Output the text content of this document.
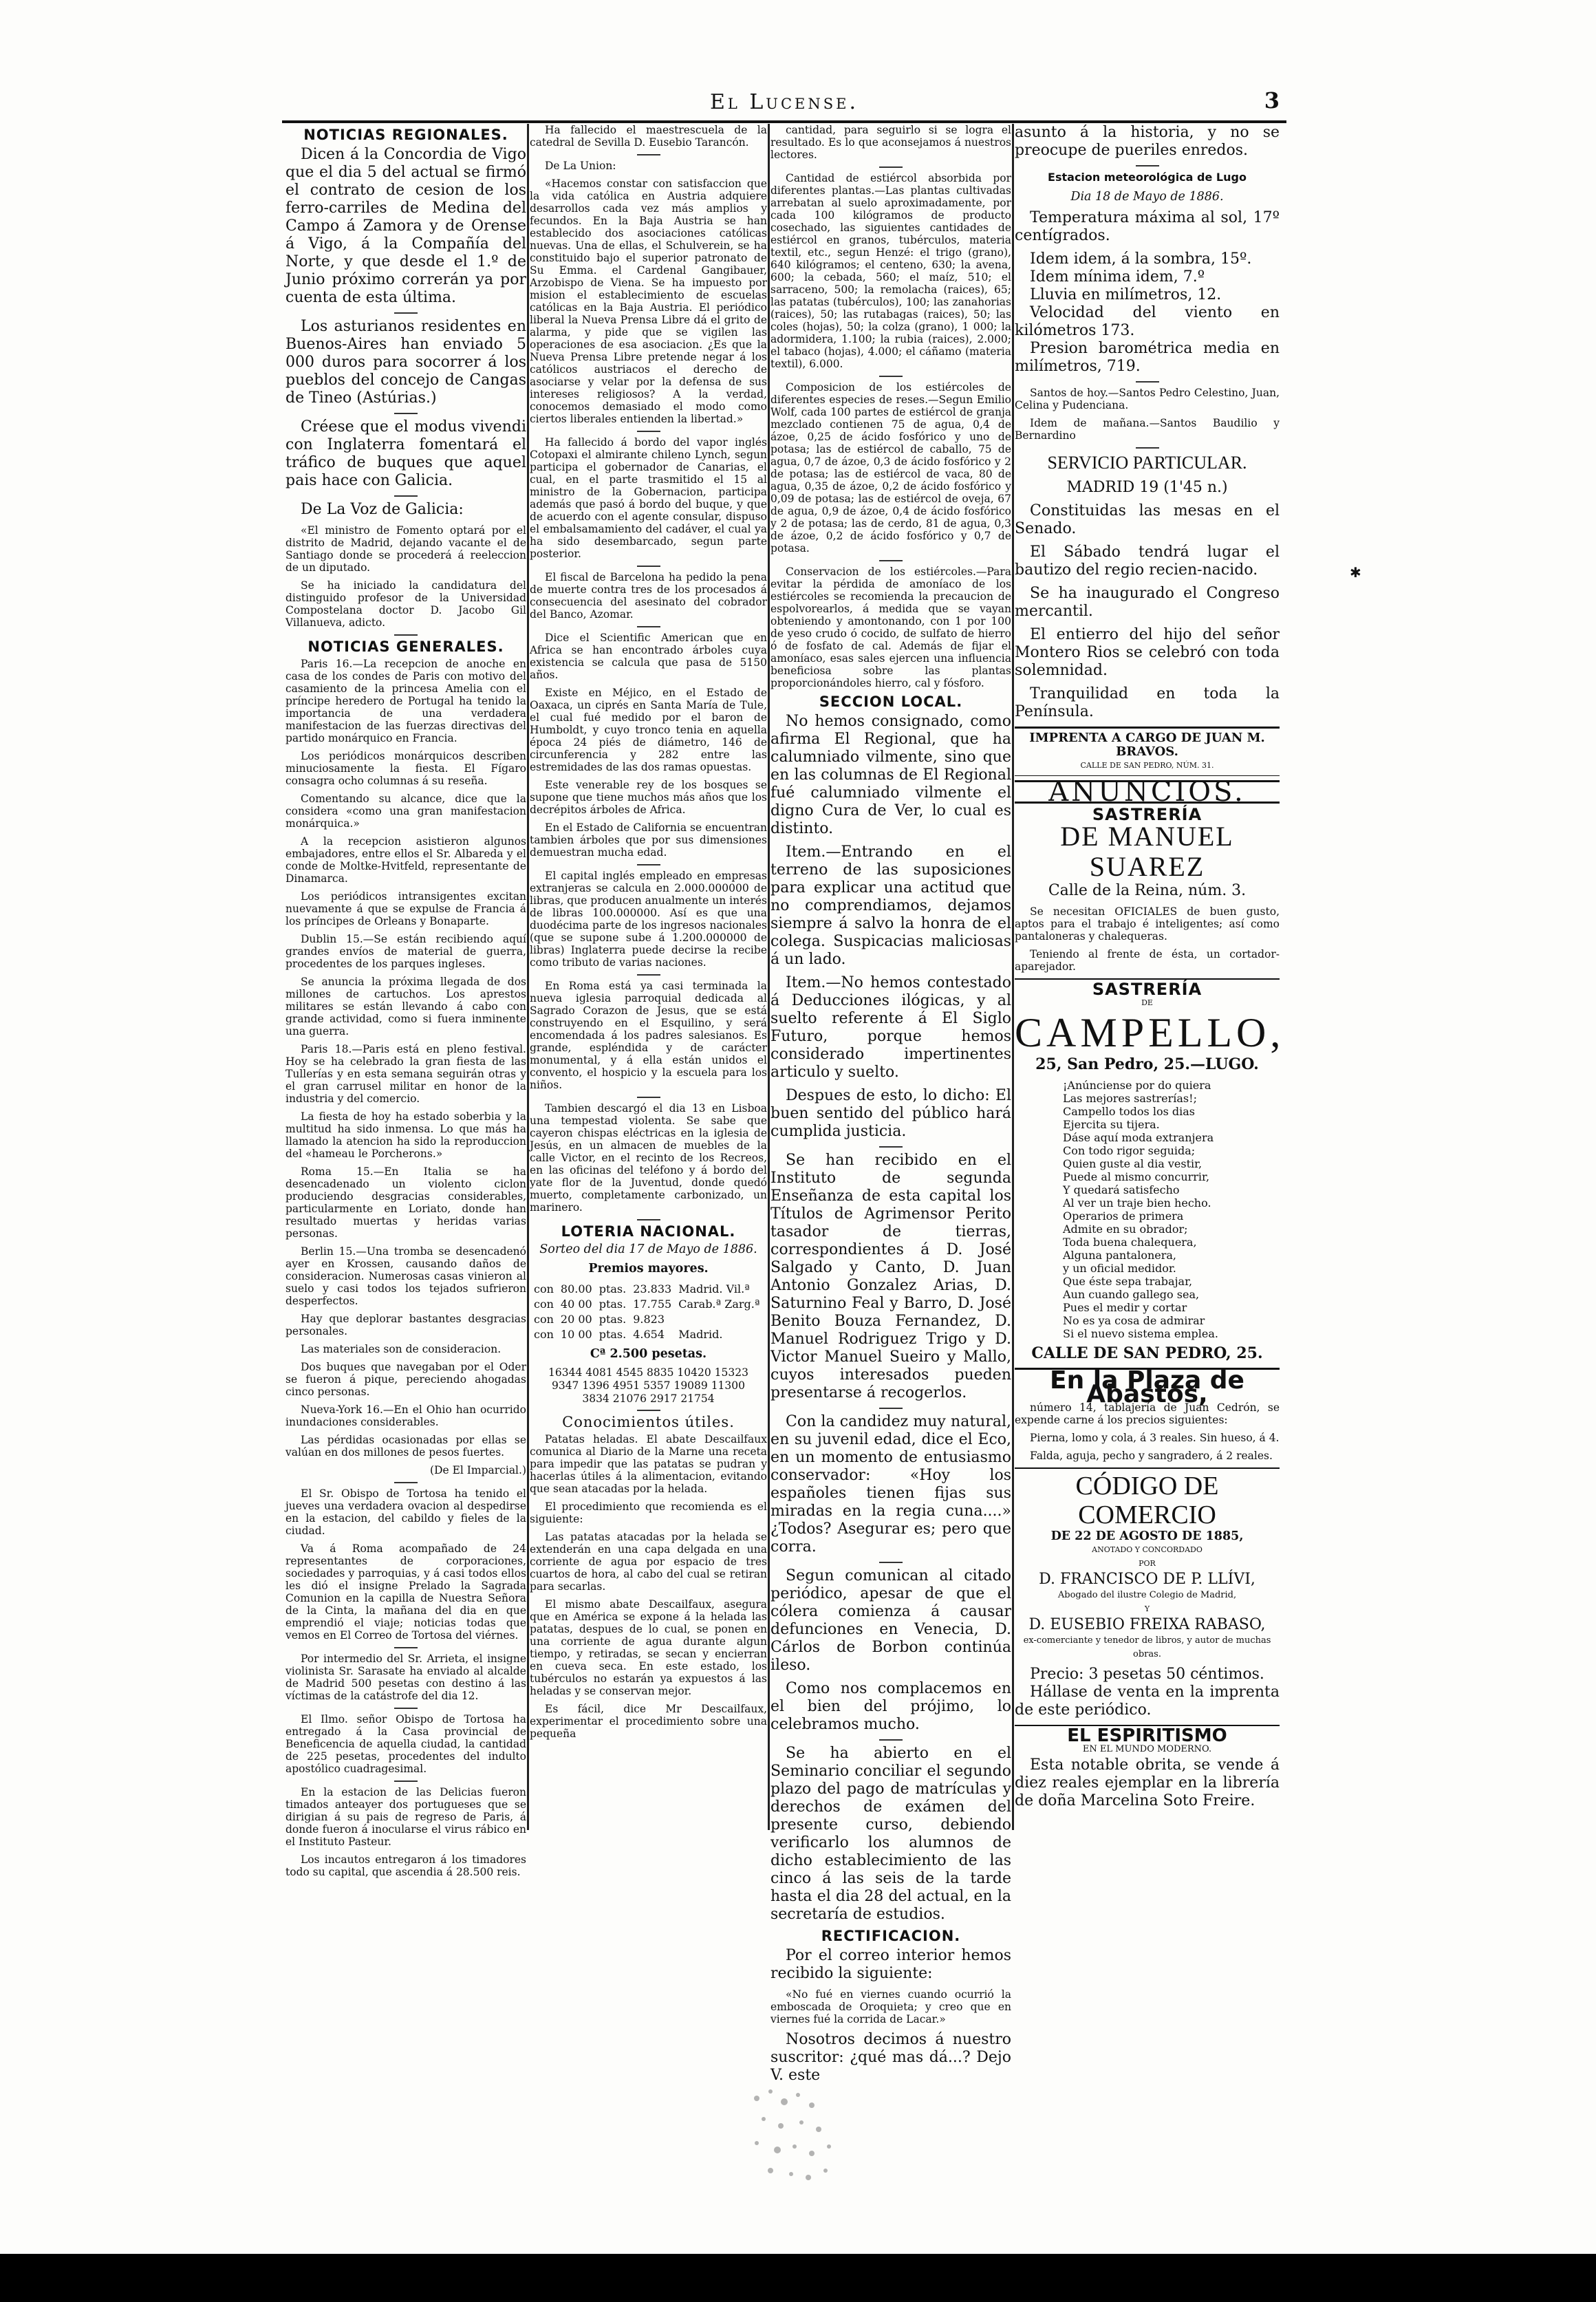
El Lucense.	3
NOTICIAS REGIONALES.

Dicen á la Concordia de Vigo que el dia 5 del actual se firmó el contrato de cesion de los ferro-carriles de Medina del Campo á Zamora y de Orense á Vigo, á la Compañía del Norte, y que desde el 1.º de Junio próximo correrán ya por cuenta de esta última.

Los asturianos residentes en Buenos-Aires han enviado 5 000 duros para socorrer á los pueblos del concejo de Cangas de Tineo (Astúrias.)

Créese que el modus vivendi con Inglaterra fomentará el tráfico de buques que aquel pais hace con Galicia.

De La Voz de Galicia:

«El ministro de Fomento optará por el distrito de Madrid, dejando vacante el de Santiago donde se procederá á reeleccion de un diputado.

Se ha iniciado la candidatura del distinguido profesor de la Universidad Compostelana doctor D. Jacobo Gil Villanueva, adicto.

NOTICIAS GENERALES.

Paris 16.—La recepcion de anoche en casa de los condes de Paris con motivo del casamiento de la princesa Amelia con el príncipe heredero de Portugal ha tenido la importancia de una verdadera manifestacion de las fuerzas directivas del partido monárquico en Francia.

Los periódicos monárquicos describen minuciosamente la fiesta. El Fígaro consagra ocho columnas á su reseña.

Comentando su alcance, dice que la considera «como una gran manifestacion monárquica.»

A la recepcion asistieron algunos embajadores, entre ellos el Sr. Albareda y el conde de Moltke-Hvitfeld, representante de Dinamarca.

Los periódicos intransigentes excitan nuevamente á que se expulse de Francia á los príncipes de Orleans y Bonaparte.

Dublin 15.—Se están recibiendo aquí grandes envíos de material de guerra, procedentes de los parques ingleses.

Se anuncia la próxima llegada de dos millones de cartuchos. Los aprestos militares se están llevando á cabo con grande actividad, como si fuera inminente una guerra.

Paris 18.—Paris está en pleno festival. Hoy se ha celebrado la gran fiesta de las Tullerías y en esta semana seguirán otras y el gran carrusel militar en honor de la industria y del comercio.

La fiesta de hoy ha estado soberbia y la multitud ha sido inmensa. Lo que más ha llamado la atencion ha sido la reproduccion del «hameau le Porcherons.»

Roma 15.—En Italia se ha desencadenado un violento ciclon produciendo desgracias considerables, particularmente en Loriato, donde han resultado muertas y heridas varias personas.

Berlin 15.—Una tromba se desencadenó ayer en Krossen, causando daños de consideracion. Numerosas casas vinieron al suelo y casi todos los tejados sufrieron desperfectos.

Hay que deplorar bastantes desgracias personales.

Las materiales son de consideracion.

Dos buques que navegaban por el Oder se fueron á pique, pereciendo ahogadas cinco personas.

Nueva-York 16.—En el Ohio han ocurrido inundaciones considerables.

Las pérdidas ocasionadas por ellas se valúan en dos millones de pesos fuertes.

(De El Imparcial.)

El Sr. Obispo de Tortosa ha tenido el jueves una verdadera ovacion al despedirse en la estacion, del cabildo y fieles de la ciudad.

Va á Roma acompañado de 24 representantes de corporaciones, sociedades y parroquias, y á casi todos ellos les dió el insigne Prelado la Sagrada Comunion en la capilla de Nuestra Señora de la Cinta, la mañana del dia en que emprendió el viaje; noticias todas que vemos en El Correo de Tortosa del viérnes.

Por intermedio del Sr. Arrieta, el insigne violinista Sr. Sarasate ha enviado al alcalde de Madrid 500 pesetas con destino á las víctimas de la catástrofe del dia 12.

El Ilmo. señor Obispo de Tortosa ha entregado á la Casa provincial de Beneficencia de aquella ciudad, la cantidad de 225 pesetas, procedentes del indulto apostólico cuadragesimal.

En la estacion de las Delicias fueron timados anteayer dos portugueses que se dirigian á su pais de regreso de Paris, á donde fueron á inocularse el virus rábico en el Instituto Pasteur.

Los incautos entregaron á los timadores todo su capital, que ascendia á 28.500 reis.

Ha fallecido el maestrescuela de la catedral de Sevilla D. Eusebio Tarancón.

De La Union:

«Hacemos constar con satisfaccion que la vida católica en Austria adquiere desarrollos cada vez más amplios y fecundos. En la Baja Austria se han establecido dos asociaciones católicas nuevas. Una de ellas, el Schulverein, se ha constituido bajo el superior patronato de Su Emma. el Cardenal Gangibauer, Arzobispo de Viena. Se ha impuesto por mision el establecimiento de escuelas católicas en la Baja Austria. El periódico liberal la Nueva Prensa Libre dá el grito de alarma, y pide que se vigilen las operaciones de esa asociacion. ¿Es que la Nueva Prensa Libre pretende negar á los católicos austriacos el derecho de asociarse y velar por la defensa de sus intereses religiosos? A la verdad, conocemos demasiado el modo como ciertos liberales entienden la libertad.»

Ha fallecido á bordo del vapor inglés Cotopaxi el almirante chileno Lynch, segun participa el gobernador de Canarias, el cual, en el parte trasmitido el 15 al ministro de la Gobernacion, participa además que pasó á bordo del buque, y que de acuerdo con el agente consular, dispuso el embalsamamiento del cadáver, el cual ya ha sido desembarcado, segun parte posterior.

El fiscal de Barcelona ha pedido la pena de muerte contra tres de los procesados á consecuencia del asesinato del cobrador del Banco, Azomar.

Dice el Scientific American que en Africa se han encontrado árboles cuya existencia se calcula que pasa de 5150 años.

Existe en Méjico, en el Estado de Oaxaca, un ciprés en Santa María de Tule, el cual fué medido por el baron de Humboldt, y cuyo tronco tenia en aquella época 24 piés de diámetro, 146 de circunferencia y 282 entre las estremidades de las dos ramas opuestas.

Este venerable rey de los bosques se supone que tiene muchos más años que los decrépitos árboles de Africa.

En el Estado de California se encuentran tambien árboles que por sus dimensiones demuestran mucha edad.

El capital inglés empleado en empresas extranjeras se calcula en 2.000.000000 de libras, que producen anualmente un interés de libras 100.000000. Así es que una duodécima parte de los ingresos nacionales (que se supone sube á 1.200.000000 de libras) Inglaterra puede decirse la recibe como tributo de varias naciones.

En Roma está ya casi terminada la nueva iglesia parroquial dedicada al Sagrado Corazon de Jesus, que se está construyendo en el Esquilino, y será encomendada á los padres salesianos. Es grande, espléndida y de carácter monumental, y á ella están unidos el convento, el hospicio y la escuela para los niños.

Tambien descargó el dia 13 en Lisboa una tempestad violenta. Se sabe que cayeron chispas eléctricas en la iglesia de Jesús, en un almacen de muebles de la calle Victor, en el recinto de los Recreos, en las oficinas del teléfono y á bordo del yate flor de la Juventud, donde quedó muerto, completamente carbonizado, un marinero.

LOTERIA NACIONAL.

Sorteo del dia 17 de Mayo de 1886.

Premios mayores.

con	80.00	ptas.	23.833	Madrid. Vil.ª
con	40 00	ptas.	17.755	Carab.ª Zarg.ª
con	20 00	ptas.	9.823	
con	10 00	ptas.	4.654	Madrid.

Cª 2.500 pesetas.

16344 4081 4545 8835 10420 15323
9347 1396 4951 5357 19089 11300
3834 21076 2917 21754
Conocimientos útiles.

Patatas heladas. El abate Descailfaux comunica al Diario de la Marne una receta para impedir que las patatas se pudran y hacerlas útiles á la alimentacion, evitando que sean atacadas por la helada.

El procedimiento que recomienda es el siguiente:

Las patatas atacadas por la helada se extenderán en una capa delgada en una corriente de agua por espacio de tres cuartos de hora, al cabo del cual se retiran para secarlas.

El mismo abate Descailfaux, asegura que en América se expone á la helada las patatas, despues de lo cual, se ponen en una corriente de agua durante algun tiempo, y retiradas, se secan y encierran en cueva seca. En este estado, los tubérculos no estarán ya expuestos á las heladas y se conservan mejor.

Es fácil, dice Mr Descailfaux, experimentar el procedimiento sobre una pequeña

cantidad, para seguirlo si se logra el resultado. Es lo que aconsejamos á nuestros lectores.

Cantidad de estiércol absorbida por diferentes plantas.—Las plantas cultivadas arrebatan al suelo aproximadamente, por cada 100 kilógramos de producto cosechado, las siguientes cantidades de estiércol en granos, tubérculos, materia textil, etc., segun Henzé: el trigo (grano), 640 kilógramos; el centeno, 630; la avena, 600; la cebada, 560; el maíz, 510; el sarraceno, 500; la remolacha (raices), 65; las patatas (tubérculos), 100; las zanahorias (raices), 50; las rutabagas (raices), 50; las coles (hojas), 50; la colza (grano), 1 000; la adormidera, 1.100; la rubia (raices), 2.000; el tabaco (hojas), 4.000; el cáñamo (materia textil), 6.000.

Composicion de los estiércoles de diferentes especies de reses.—Segun Emilio Wolf, cada 100 partes de estiércol de granja mezclado contienen 75 de agua, 0,4 de ázoe, 0,25 de ácido fosfórico y uno de potasa; las de estiércol de caballo, 75 de agua, 0,7 de ázoe, 0,3 de ácido fosfórico y 2 de potasa; las de estiércol de vaca, 80 de agua, 0,35 de ázoe, 0,2 de ácido fosfórico y 0,09 de potasa; las de estiércol de oveja, 67 de agua, 0,9 de ázoe, 0,4 de ácido fosfórico y 2 de potasa; las de cerdo, 81 de agua, 0,3 de ázoe, 0,2 de ácido fosfórico y 0,7 de potasa.

Conservacion de los estiércoles.—Para evitar la pérdida de amoníaco de los estiércoles se recomienda la precaucion de espolvorearlos, á medida que se vayan obteniendo y amontonando, con 1 por 100 de yeso crudo ó cocido, de sulfato de hierro ó de fosfato de cal. Además de fijar el amoníaco, esas sales ejercen una influencia beneficiosa sobre las plantas proporcionándoles hierro, cal y fósforo.

SECCION LOCAL.

No hemos consignado, como afirma El Regional, que ha calumniado vilmente, sino que en las columnas de El Regional fué calumniado vilmente el digno Cura de Ver, lo cual es distinto.

Item.—Entrando en el terreno de las suposiciones para explicar una actitud que no comprendiamos, dejamos siempre á salvo la honra de el colega. Suspicacias maliciosas á un lado.

Item.—No hemos contestado á Deducciones ilógicas, y al suelto referente á El Siglo Futuro, porque hemos considerado impertinentes articulo y suelto.

Despues de esto, lo dicho: El buen sentido del público hará cumplida justicia.

Se han recibido en el Instituto de segunda Enseñanza de esta capital los Títulos de Agrimensor Perito tasador de tierras, correspondientes á D. José Salgado y Canto, D. Juan Antonio Gonzalez Arias, D. Saturnino Feal y Barro, D. José Benito Bouza Fernandez, D. Manuel Rodriguez Trigo y D. Victor Manuel Sueiro y Mallo, cuyos interesados pueden presentarse á recogerlos.

Con la candidez muy natural, en su juvenil edad, dice el Eco, en un momento de entusiasmo conservador: «Hoy los españoles tienen fijas sus miradas en la regia cuna....» ¿Todos? Asegurar es; pero que corra.

Segun comunican al citado periódico, apesar de que el cólera comienza á causar defunciones en Venecia, D. Cárlos de Borbon continúa ileso.

Como nos complacemos en el bien del prójimo, lo celebramos mucho.

Se ha abierto en el Seminario conciliar el segundo plazo del pago de matrículas y derechos de exámen del presente curso, debiendo verificarlo los alumnos de dicho establecimiento de las cinco á las seis de la tarde hasta el dia 28 del actual, en la secretaría de estudios.

RECTIFICACION.

Por el correo interior hemos recibido la siguiente:

«No fué en viernes cuando ocurrió la emboscada de Oroquieta; y creo que en viernes fué la corrida de Lacar.»

Nosotros decimos á nuestro suscritor: ¿qué mas dá...? Dejo V. este

asunto á la historia, y no se preocupe de pueriles enredos.

Estacion meteorológica de Lugo

Dia 18 de Mayo de 1886.

Temperatura máxima al sol, 17º centígrados.

Idem idem, á la sombra, 15º.

Idem mínima idem, 7.º

Lluvia en milímetros, 12.

Velocidad del viento en kilómetros 173.

Presion barométrica media en milímetros, 719.

Santos de hoy.—Santos Pedro Celestino, Juan, Celina y Pudenciana.

Idem de mañana.—Santos Baudilio y Bernardino

SERVICIO PARTICULAR.

MADRID 19 (1'45 n.)

Constituidas las mesas en el Senado.

El Sábado tendrá lugar el bautizo del regio recien-nacido.

Se ha inaugurado el Congreso mercantil.

El entierro del hijo del señor Montero Rios se celebró con toda solemnidad.

Tranquilidad en toda la Península.

IMPRENTA A CARGO DE JUAN M. BRAVOS.

CALLE DE SAN PEDRO, NÚM. 31.

ANUNCIOS.
SASTRERÍA
DE MANUEL SUAREZ

Calle de la Reina, núm. 3.

Se necesitan OFICIALES de buen gusto, aptos para el trabajo é inteligentes; así como pantaloneras y chalequeras.

Teniendo al frente de ésta, un cortador-aparejador.

SASTRERÍA

DE

CAMPELLO,

25, San Pedro, 25.—LUGO.

¡Anúnciense por do quiera
Las mejores sastrerías!;
Campello todos los dias
Ejercita su tijera.
Dáse aquí moda extranjera
Con todo rigor seguida;
Quien guste al dia vestir,
Puede al mismo concurrir,
Y quedará satisfecho
Al ver un traje bien hecho.
Operarios de primera
Admite en su obrador;
Toda buena chalequera,
Alguna pantalonera,
y un oficial medidor.
Que éste sepa trabajar,
Aun cuando gallego sea,
Pues el medir y cortar
No es ya cosa de admirar
Si el nuevo sistema emplea.

CALLE DE SAN PEDRO, 25.

En la Plaza de Abastos,

número 14, tablajería de Juan Cedrón, se expende carne á los precios siguientes:

Pierna, lomo y cola, á 3 reales. Sin hueso, á 4.

Falda, aguja, pecho y sangradero, á 2 reales.

CÓDIGO DE COMERCIO

DE 22 DE AGOSTO DE 1885,

ANOTADO Y CONCORDADO

POR

D. FRANCISCO DE P. LLÍVI,

Abogado del ilustre Colegio de Madrid,

Y

D. EUSEBIO FREIXA RABASO,

ex-comerciante y tenedor de libros, y autor de muchas obras.

Precio: 3 pesetas 50 céntimos.

Hállase de venta en la imprenta de este periódico.

EL ESPIRITISMO

EN EL MUNDO MODERNO.

Esta notable obrita, se vende á diez reales ejemplar en la librería de doña Marcelina Soto Freire.

✱
